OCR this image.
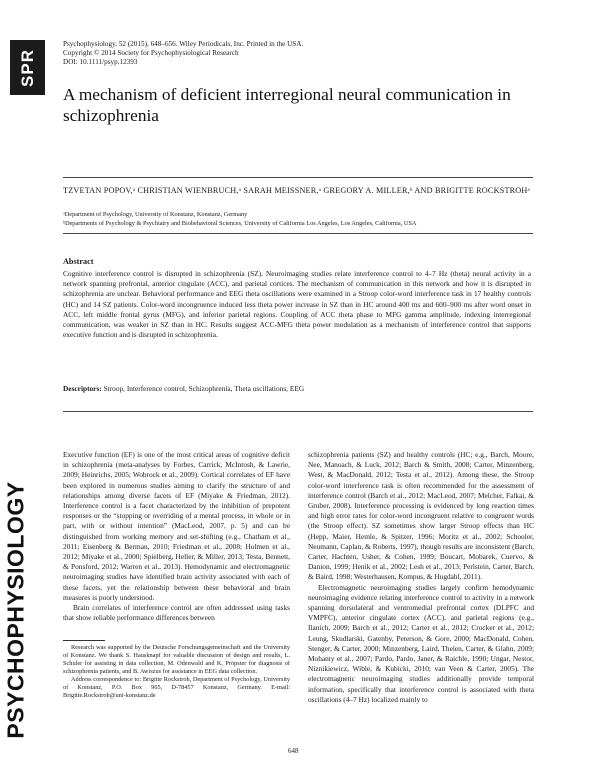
SPR
PSYCHOPHYSIOLOGY
Psychophysiology, 52 (2015), 648–656. Wiley Periodicals, Inc. Printed in the USA.
Copyright © 2014 Society for Psychophysiological Research
DOI: 10.1111/psyp.12393
A mechanism of deficient interregional neural communication in schizophrenia
TZVETAN POPOV,ᵃ CHRISTIAN WIENBRUCH,ᵃ SARAH MEISSNER,ᵃ GREGORY A. MILLER,ᵇ AND BRIGITTE ROCKSTROHᵃ
ᵃDepartment of Psychology, University of Konstanz, Konstanz, Germany
ᵇDepartments of Psychology & Psychiatry and Biobehavioral Sciences, University of California Los Angeles, Los Angeles, California, USA
Abstract
Cognitive interference control is disrupted in schizophrenia (SZ). Neuroimaging studies relate interference control to 4–7 Hz (theta) neural activity in a network spanning prefrontal, anterior cingulate (ACC), and parietal cortices. The mechanism of communication in this network and how it is disrupted in schizophrenia are unclear. Behavioral performance and EEG theta oscillations were examined in a Stroop color-word interference task in 17 healthy controls (HC) and 14 SZ patients. Color-word incongruence induced less theta power increase in SZ than in HC around 400 ms and 600–900 ms after word onset in ACC, left middle frontal gyrus (MFG), and inferior parietal regions. Coupling of ACC theta phase to MFG gamma amplitude, indexing interregional communication, was weaker in SZ than in HC. Results suggest ACC-MFG theta power modulation as a mechanism of interference control that supports executive function and is disrupted in schizophrenia.
Descriptors: Stroop, Interference control, Schizophrenia, Theta oscillations, EEG

Executive function (EF) is one of the most critical areas of cognitive deficit in schizophrenia (meta-analyses by Forbes, Carrick, McIntosh, & Lawrie, 2009; Heinrichs, 2005; Wobrock et al., 2009). Cortical correlates of EF have been explored in numerous studies aiming to clarify the structure of and relationships among diverse facets of EF (Miyake & Friedman, 2012). Interference control is a facet characterized by the inhibition of prepotent responses or the “stopping or overriding of a mental process, in whole or in part, with or without intention” (MacLeod, 2007, p. 5) and can be distinguished from working memory and set-shifting (e.g., Chatham et al., 2011; Eisenberg & Berman, 2010; Friedman et al., 2008; Holmen et al., 2012; Miyake et al., 2000; Spielberg, Heller, & Miller, 2013; Testa, Bennett, & Ponsford, 2012; Warren et al., 2013). Hemodynamic and electromagnetic neuroimaging studies have identified brain activity associated with each of these facets, yet the relationship between these behavioral and brain measures is poorly understood.

Brain correlates of interference control are often addressed using tasks that show reliable performance differences between

schizophrenia patients (SZ) and healthy controls (HC; e.g., Barch, Moore, Nee, Manoach, & Luck, 2012; Barch & Smith, 2008; Carter, Minzenberg, West, & MacDonald, 2012; Testa et al., 2012). Among these, the Stroop color-word interference task is often recommended for the assessment of interference control (Barch et al., 2012; MacLeod, 2007; Melcher, Falkai, & Gruber, 2008). Interference processing is evidenced by long reaction times and high error rates for color-word incongruent relative to congruent words (the Stroop effect). SZ sometimes show larger Stroop effects than HC (Hepp, Maier, Hemle, & Spitzer, 1996; Moritz et al., 2002; Schooler, Neumann, Caplan, & Roberts, 1997), though results are inconsistent (Barch, Carter, Hachten, Usher, & Cohen, 1999; Boucart, Mobarek, Cuervo, & Danion, 1999; Henik et al., 2002; Lesh et al., 2013; Perlstein, Carter, Barch, & Baird, 1998; Westerhausen, Kompus, & Hugdahl, 2011).

Electromagnetic neuroimaging studies largely confirm hemodynamic neuroimaging evidence relating interference control to activity in a network spanning dorsolateral and ventromedial prefrontal cortex (DLPFC and VMPFC), anterior cingulate cortex (ACC), and parietal regions (e.g., Ilanich, 2009; Barch et al., 2012; Carter et al., 2012; Crocker et al., 2012; Leung, Skudlarski, Gatenby, Peterson, & Gore, 2000; MacDonald, Cohen, Stenger, & Carter, 2000; Minzenberg, Laird, Thelen, Carter, & Glahn, 2009; Mohanty et al., 2007; Pardo, Pardo, Janer, & Raichle, 1990; Ungar, Nestor, Niznikiewicz, Wible, & Kubicki, 2010; van Veen & Carter, 2005). The electromagnetic neuroimaging studies additionally provide temporal information, specifically that interference control is associated with theta oscillations (4–7 Hz) localized mainly to

Research was supported by the Deutsche Forschungsgemeinschaft and the University of Konstanz. We thank S. Hausknapf for valuable discussion of design and results, L. Schuler for assisting in data collection, M. Odenwald and K. Pröpster for diagnosis of schizophrenia patients, and B. Awiszus for assistance in EEG data collection.

Address correspondence to: Brigitte Rockstroh, Department of Psychology, University of Konstanz, P.O. Box 905, D-78457 Konstanz, Germany. E-mail: Brigitte.Rockstroh@uni-konstanz.de

648
